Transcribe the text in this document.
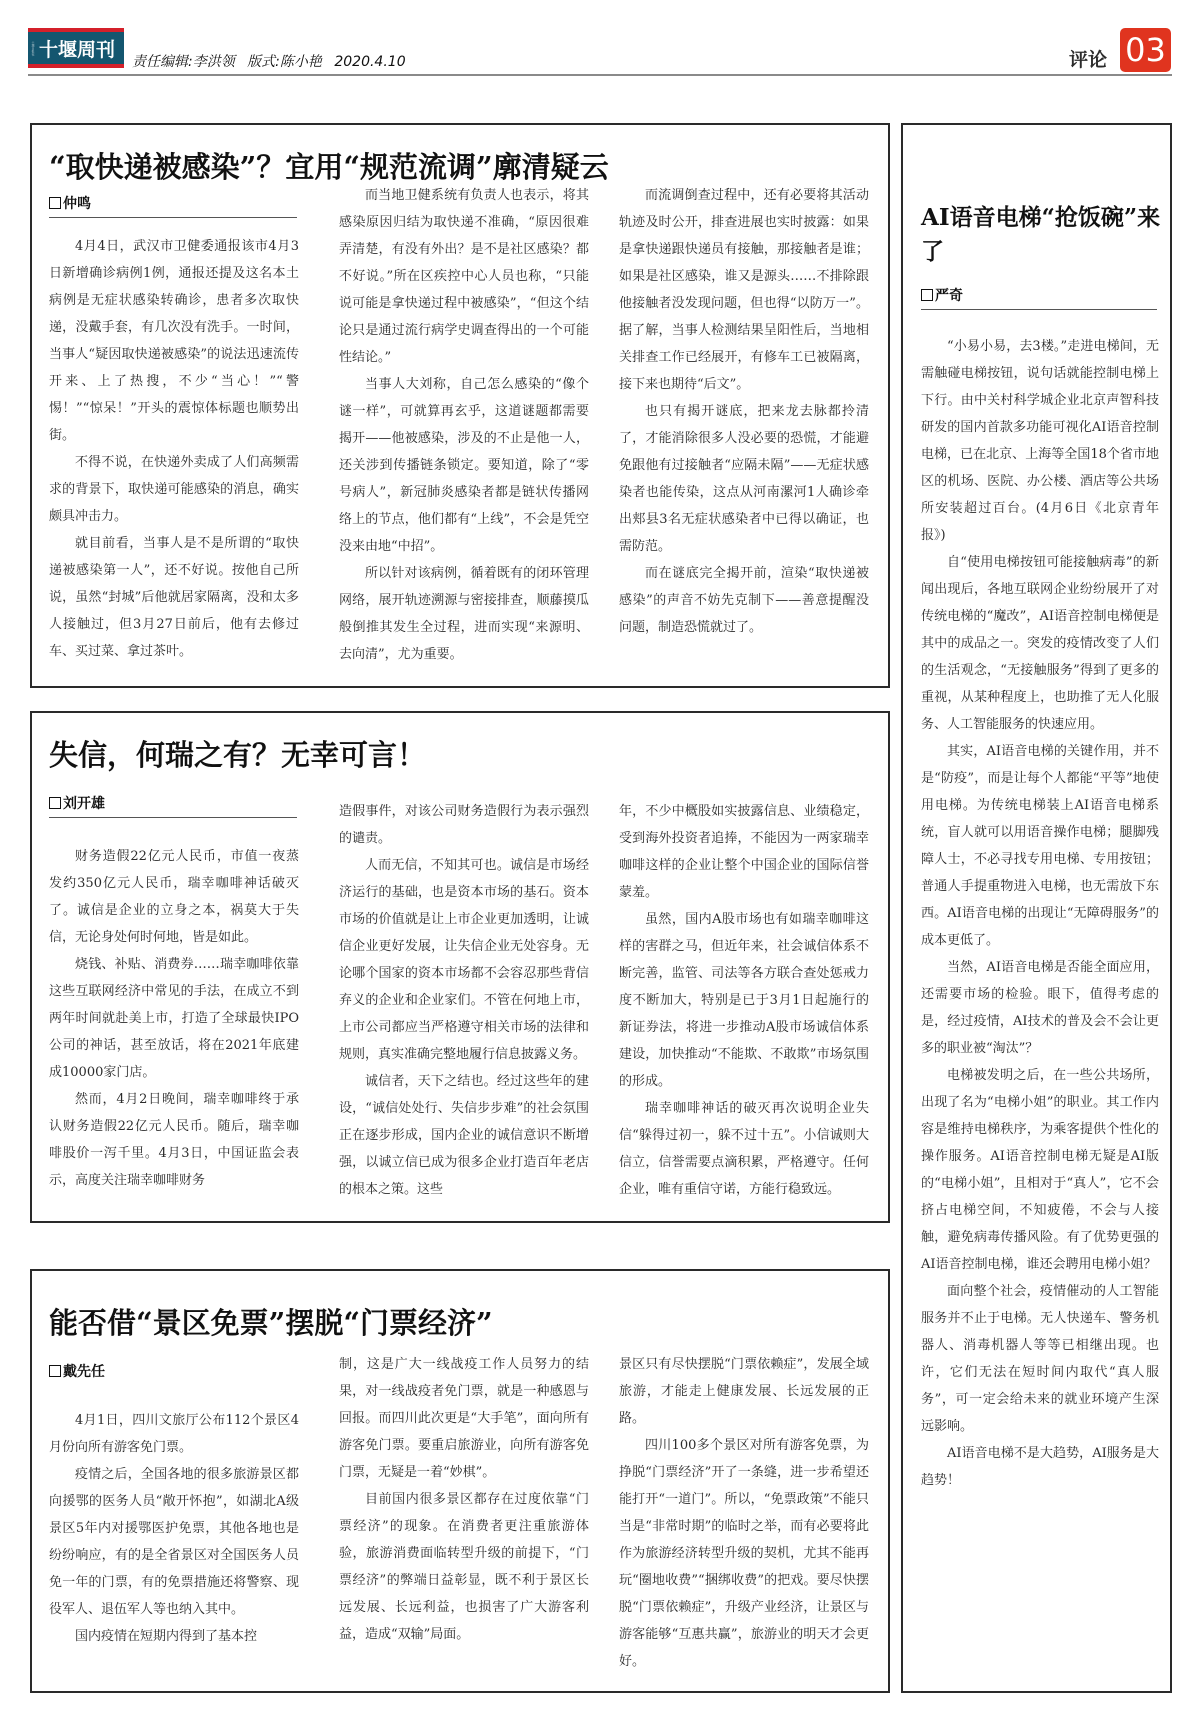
十堰日报社 十堰周刊
责任编辑:李洪领 版式:陈小艳 2020.4.10	评论 03
“取快递被感染”？宜用“规范流调”廓清疑云
仲鸣

4月4日，武汉市卫健委通报该市4月3日新增确诊病例1例，通报还提及这名本土病例是无症状感染转确诊，患者多次取快递，没戴手套，有几次没有洗手。一时间，当事人“疑因取快递被感染”的说法迅速流传开来、上了热搜，不少“当心！”“警惕！”“惊呆！”开头的震惊体标题也顺势出街。

不得不说，在快递外卖成了人们高频需求的背景下，取快递可能感染的消息，确实颇具冲击力。

就目前看，当事人是不是所谓的“取快递被感染第一人”，还不好说。按他自己所说，虽然“封城”后他就居家隔离，没和太多人接触过，但3月27日前后，他有去修过车、买过菜、拿过茶叶。

而当地卫健系统有负责人也表示，将其感染原因归结为取快递不准确，“原因很难弄清楚，有没有外出？是不是社区感染？都不好说。”所在区疾控中心人员也称，“只能说可能是拿快递过程中被感染”，“但这个结论只是通过流行病学史调查得出的一个可能性结论。”

当事人大刘称，自己怎么感染的“像个谜一样”，可就算再玄乎，这道谜题都需要揭开——他被感染，涉及的不止是他一人，还关涉到传播链条锁定。要知道，除了“零号病人”，新冠肺炎感染者都是链状传播网络上的节点，他们都有“上线”，不会是凭空没来由地“中招”。

所以针对该病例，循着既有的闭环管理网络，展开轨迹溯源与密接排查，顺藤摸瓜般倒推其发生全过程，进而实现“来源明、去向清”，尤为重要。

而流调倒查过程中，还有必要将其活动轨迹及时公开，排查进展也实时披露：如果是拿快递跟快递员有接触，那接触者是谁；如果是社区感染，谁又是源头……不排除跟他接触者没发现问题，但也得“以防万一”。据了解，当事人检测结果呈阳性后，当地相关排查工作已经展开，有修车工已被隔离，接下来也期待“后文”。

也只有揭开谜底，把来龙去脉都拎清了，才能消除很多人没必要的恐慌，才能避免跟他有过接触者“应隔未隔”——无症状感染者也能传染，这点从河南漯河1人确诊牵出郏县3名无症状感染者中已得以确证，也需防范。

而在谜底完全揭开前，渲染“取快递被感染”的声音不妨先克制下——善意提醒没问题，制造恐慌就过了。

失信，何瑞之有？无幸可言！
刘开雄

财务造假22亿元人民币，市值一夜蒸发约350亿元人民币，瑞幸咖啡神话破灭了。诚信是企业的立身之本，祸莫大于失信，无论身处何时何地，皆是如此。

烧钱、补贴、消费券……瑞幸咖啡依靠这些互联网经济中常见的手法，在成立不到两年时间就赴美上市，打造了全球最快IPO公司的神话，甚至放话，将在2021年底建成10000家门店。

然而，4月2日晚间，瑞幸咖啡终于承认财务造假22亿元人民币。随后，瑞幸咖啡股价一泻千里。4月3日，中国证监会表示，高度关注瑞幸咖啡财务

造假事件，对该公司财务造假行为表示强烈的谴责。

人而无信，不知其可也。诚信是市场经济运行的基础，也是资本市场的基石。资本市场的价值就是让上市企业更加透明，让诚信企业更好发展，让失信企业无处容身。无论哪个国家的资本市场都不会容忍那些背信弃义的企业和企业家们。不管在何地上市，上市公司都应当严格遵守相关市场的法律和规则，真实准确完整地履行信息披露义务。

诚信者，天下之结也。经过这些年的建设，“诚信处处行、失信步步难”的社会氛围正在逐步形成，国内企业的诚信意识不断增强，以诚立信已成为很多企业打造百年老店的根本之策。这些

年，不少中概股如实披露信息、业绩稳定，受到海外投资者追捧，不能因为一两家瑞幸咖啡这样的企业让整个中国企业的国际信誉蒙羞。

虽然，国内A股市场也有如瑞幸咖啡这样的害群之马，但近年来，社会诚信体系不断完善，监管、司法等各方联合查处惩戒力度不断加大，特别是已于3月1日起施行的新证券法，将进一步推动A股市场诚信体系建设，加快推动“不能欺、不敢欺”市场氛围的形成。

瑞幸咖啡神话的破灭再次说明企业失信“躲得过初一，躲不过十五”。小信诚则大信立，信誉需要点滴积累，严格遵守。任何企业，唯有重信守诺，方能行稳致远。

能否借“景区免票”摆脱“门票经济”
戴先任

4月1日，四川文旅厅公布112个景区4月份向所有游客免门票。

疫情之后，全国各地的很多旅游景区都向援鄂的医务人员“敞开怀抱”，如湖北A级景区5年内对援鄂医护免票，其他各地也是纷纷响应，有的是全省景区对全国医务人员免一年的门票，有的免票措施还将警察、现役军人、退伍军人等也纳入其中。

国内疫情在短期内得到了基本控

制，这是广大一线战疫工作人员努力的结果，对一线战疫者免门票，就是一种感恩与回报。而四川此次更是“大手笔”，面向所有游客免门票。要重启旅游业，向所有游客免门票，无疑是一着“妙棋”。

目前国内很多景区都存在过度依靠“门票经济”的现象。在消费者更注重旅游体验，旅游消费面临转型升级的前提下，“门票经济”的弊端日益彰显，既不利于景区长远发展、长远利益，也损害了广大游客利益，造成“双输”局面。

景区只有尽快摆脱“门票依赖症”，发展全域旅游，才能走上健康发展、长远发展的正路。

四川100多个景区对所有游客免票，为挣脱“门票经济”开了一条缝，进一步希望还能打开“一道门”。所以，“免票政策”不能只当是“非常时期”的临时之举，而有必要将此作为旅游经济转型升级的契机，尤其不能再玩“圈地收费”“捆绑收费”的把戏。要尽快摆脱“门票依赖症”，升级产业经济，让景区与游客能够“互惠共赢”，旅游业的明天才会更好。

AI语音电梯“抢饭碗”来了
严奇

“小易小易，去3楼。”走进电梯间，无需触碰电梯按钮，说句话就能控制电梯上下行。由中关村科学城企业北京声智科技研发的国内首款多功能可视化AI语音控制电梯，已在北京、上海等全国18个省市地区的机场、医院、办公楼、酒店等公共场所安装超过百台。(4月6日《北京青年报》)

自“使用电梯按钮可能接触病毒”的新闻出现后，各地互联网企业纷纷展开了对传统电梯的“魔改”，AI语音控制电梯便是其中的成品之一。突发的疫情改变了人们的生活观念，“无接触服务”得到了更多的重视，从某种程度上，也助推了无人化服务、人工智能服务的快速应用。

其实，AI语音电梯的关键作用，并不是“防疫”，而是让每个人都能“平等”地使用电梯。为传统电梯装上AI语音电梯系统，盲人就可以用语音操作电梯；腿脚残障人士，不必寻找专用电梯、专用按钮；普通人手提重物进入电梯，也无需放下东西。AI语音电梯的出现让“无障碍服务”的成本更低了。

当然，AI语音电梯是否能全面应用，还需要市场的检验。眼下，值得考虑的是，经过疫情，AI技术的普及会不会让更多的职业被“淘汰”？

电梯被发明之后，在一些公共场所，出现了名为“电梯小姐”的职业。其工作内容是维持电梯秩序，为乘客提供个性化的操作服务。AI语音控制电梯无疑是AI版的“电梯小姐”，且相对于“真人”，它不会挤占电梯空间，不知疲倦，不会与人接触，避免病毒传播风险。有了优势更强的AI语音控制电梯，谁还会聘用电梯小姐？

面向整个社会，疫情催动的人工智能服务并不止于电梯。无人快递车、警务机器人、消毒机器人等等已相继出现。也许，它们无法在短时间内取代“真人服务”，可一定会给未来的就业环境产生深远影响。

AI语音电梯不是大趋势，AI服务是大趋势！
